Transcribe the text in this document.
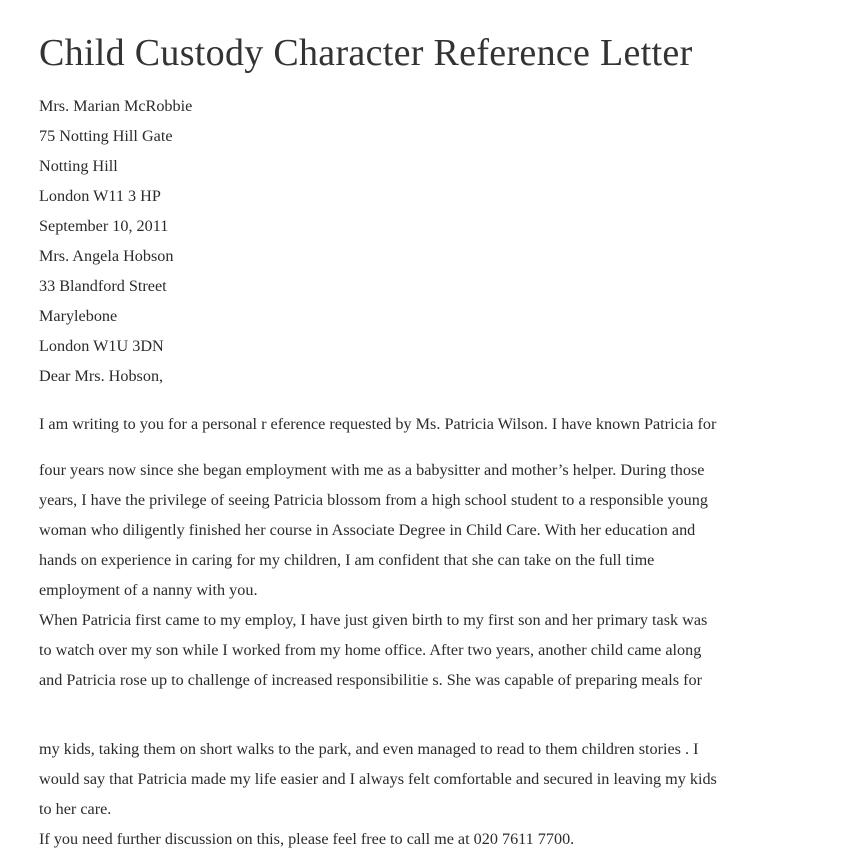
Child Custody Character Reference Letter
Mrs. Marian McRobbie
75 Notting Hill Gate
Notting Hill
London W11 3 HP
September 10, 2011
Mrs. Angela Hobson
33 Blandford Street
Marylebone
London W1U 3DN
Dear Mrs. Hobson,
I am writing to you for a personal r eference requested by Ms. Patricia Wilson. I have known Patricia for
four years now since she began employment with me as a babysitter and mother’s helper. During those
years, I have the privilege of seeing Patricia blossom from a high school student to a responsible young
woman who diligently finished her course in Associate Degree in Child Care. With her education and
hands on experience in caring for my children, I am confident that she can take on the full time
employment of a nanny with you.
When Patricia first came to my employ, I have just given birth to my first son and her primary task was
to watch over my son while I worked from my home office. After two years, another child came along
and Patricia rose up to challenge of increased responsibilitie s. She was capable of preparing meals for
my kids, taking them on short walks to the park, and even managed to read to them children stories . I
would say that Patricia made my life easier and I always felt comfortable and secured in leaving my kids
to her care.
If you need further discussion on this, please feel free to call me at 020 7611 7700.
